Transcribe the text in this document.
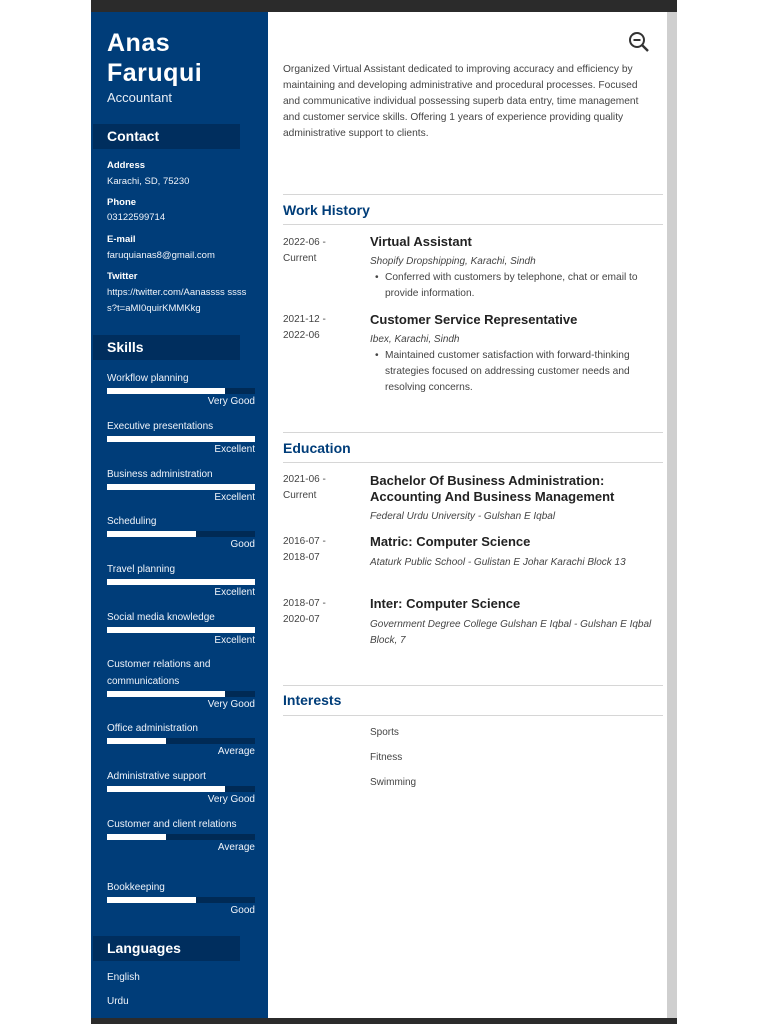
Anas
Faruqui
Accountant
Contact
Address
Karachi, SD, 75230
Phone
03122599714
E-mail
faruquianas8@gmail.com
Twitter
https://twitter.com/Aanassss sssss?t=aMI0quirKMMKkg
Skills
Workflow planning
Very Good
Executive presentations
Excellent
Business administration
Excellent
Scheduling
Good
Travel planning
Excellent
Social media knowledge
Excellent
Customer relations and communications
Very Good
Office administration
Average
Administrative support
Very Good
Customer and client relations
Average
Bookkeeping
Good
Languages
English
Urdu
Organized Virtual Assistant dedicated to improving accuracy and efficiency by maintaining and developing administrative and procedural processes. Focused and communicative individual possessing superb data entry, time management and customer service skills. Offering 1 years of experience providing quality administrative support to clients.
Work History
2022-06 -
Current
Virtual Assistant
Shopify Dropshipping, Karachi, Sindh
• Conferred with customers by telephone, chat or email to provide information.
2021-12 -
2022-06
Customer Service Representative
Ibex, Karachi, Sindh
• Maintained customer satisfaction with forward-thinking strategies focused on addressing customer needs and resolving concerns.
Education
2021-06 -
Current
Bachelor Of Business Administration: Accounting And Business Management
Federal Urdu University - Gulshan E Iqbal
2016-07 -
2018-07
Matric: Computer Science
Ataturk Public School - Gulistan E Johar Karachi Block 13
2018-07 -
2020-07
Inter: Computer Science
Government Degree College Gulshan E Iqbal - Gulshan E Iqbal Block, 7
Interests
Sports
Fitness
Swimming
